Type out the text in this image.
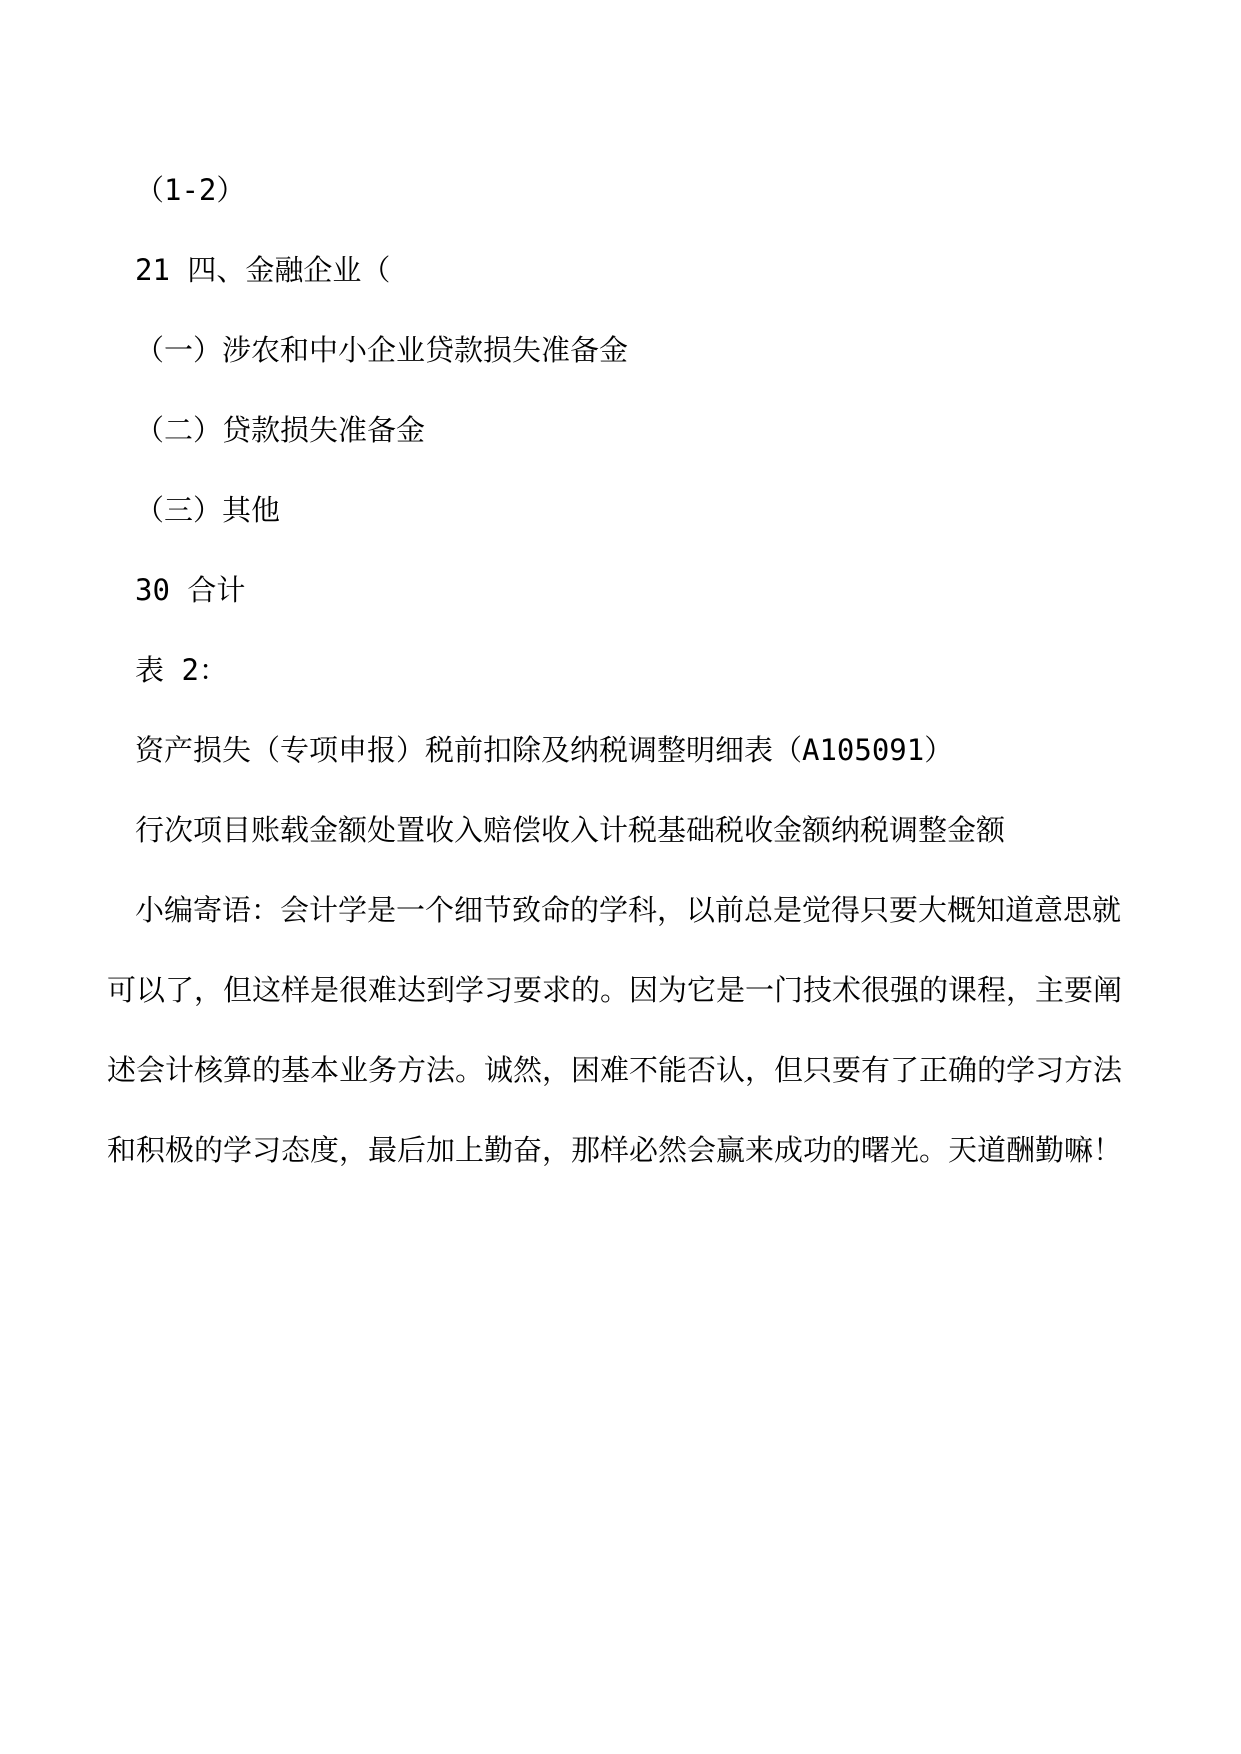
（1-2）
21 四、金融企业（
（一）涉农和中小企业贷款损失准备金
（二）贷款损失准备金
（三）其他
30 合计
表 2：
资产损失（专项申报）税前扣除及纳税调整明细表（A105091）
行次项目账载金额处置收入赔偿收入计税基础税收金额纳税调整金额
小编寄语：会计学是一个细节致命的学科，以前总是觉得只要大概知道意思就
可以了，但这样是很难达到学习要求的。因为它是一门技术很强的课程，主要阐
述会计核算的基本业务方法。诚然，困难不能否认，但只要有了正确的学习方法
和积极的学习态度，最后加上勤奋，那样必然会赢来成功的曙光。天道酬勤嘛！
